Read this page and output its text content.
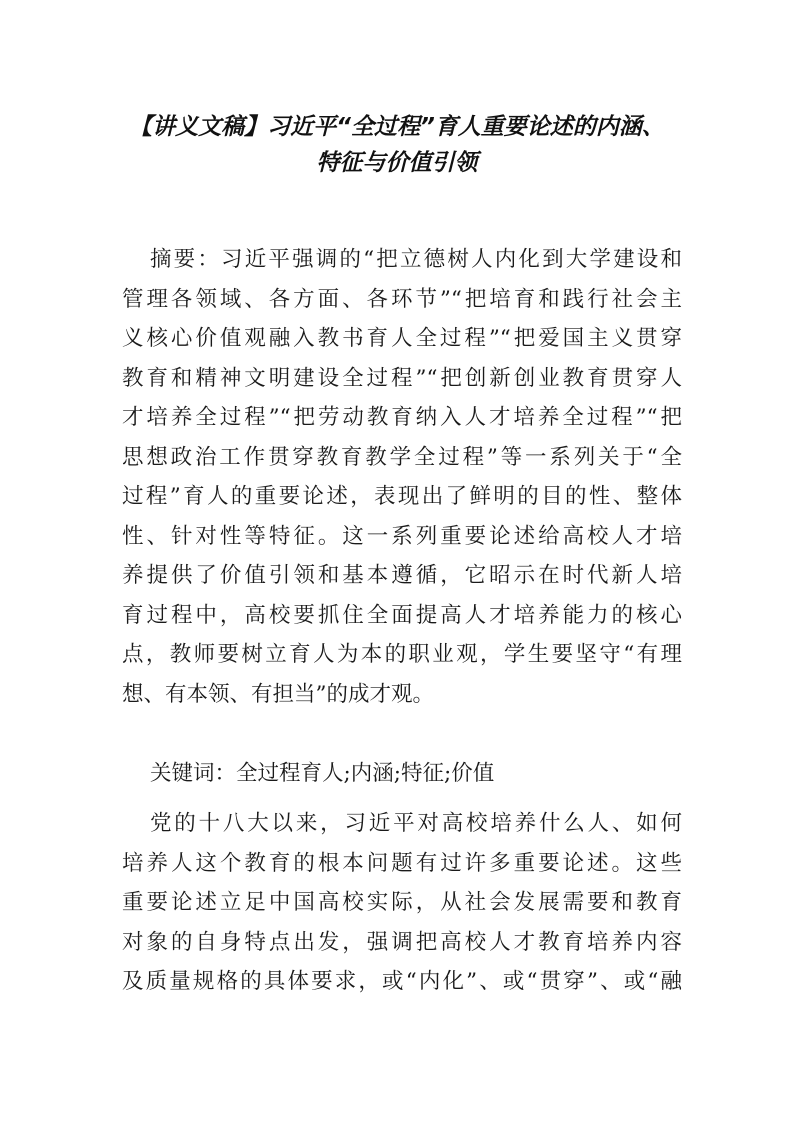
【讲义文稿】习近平“全过程”育人重要论述的内涵、
特征与价值引领
摘要：习近平强调的“把立德树人内化到大学建设和
管理各领域、各方面、各环节”“把培育和践行社会主
义核心价值观融入教书育人全过程”“把爱国主义贯穿
教育和精神文明建设全过程”“把创新创业教育贯穿人
才培养全过程”“把劳动教育纳入人才培养全过程”“把
思想政治工作贯穿教育教学全过程”等一系列关于“全
过程”育人的重要论述，表现出了鲜明的目的性、整体
性、针对性等特征。这一系列重要论述给高校人才培
养提供了价值引领和基本遵循，它昭示在时代新人培
育过程中，高校要抓住全面提高人才培养能力的核心
点，教师要树立育人为本的职业观，学生要坚守“有理
想、有本领、有担当”的成才观。
关键词：全过程育人;内涵;特征;价值
党的十八大以来，习近平对高校培养什么人、如何
培养人这个教育的根本问题有过许多重要论述。这些
重要论述立足中国高校实际，从社会发展需要和教育
对象的自身特点出发，强调把高校人才教育培养内容
及质量规格的具体要求，或“内化”、或“贯穿”、或“融
